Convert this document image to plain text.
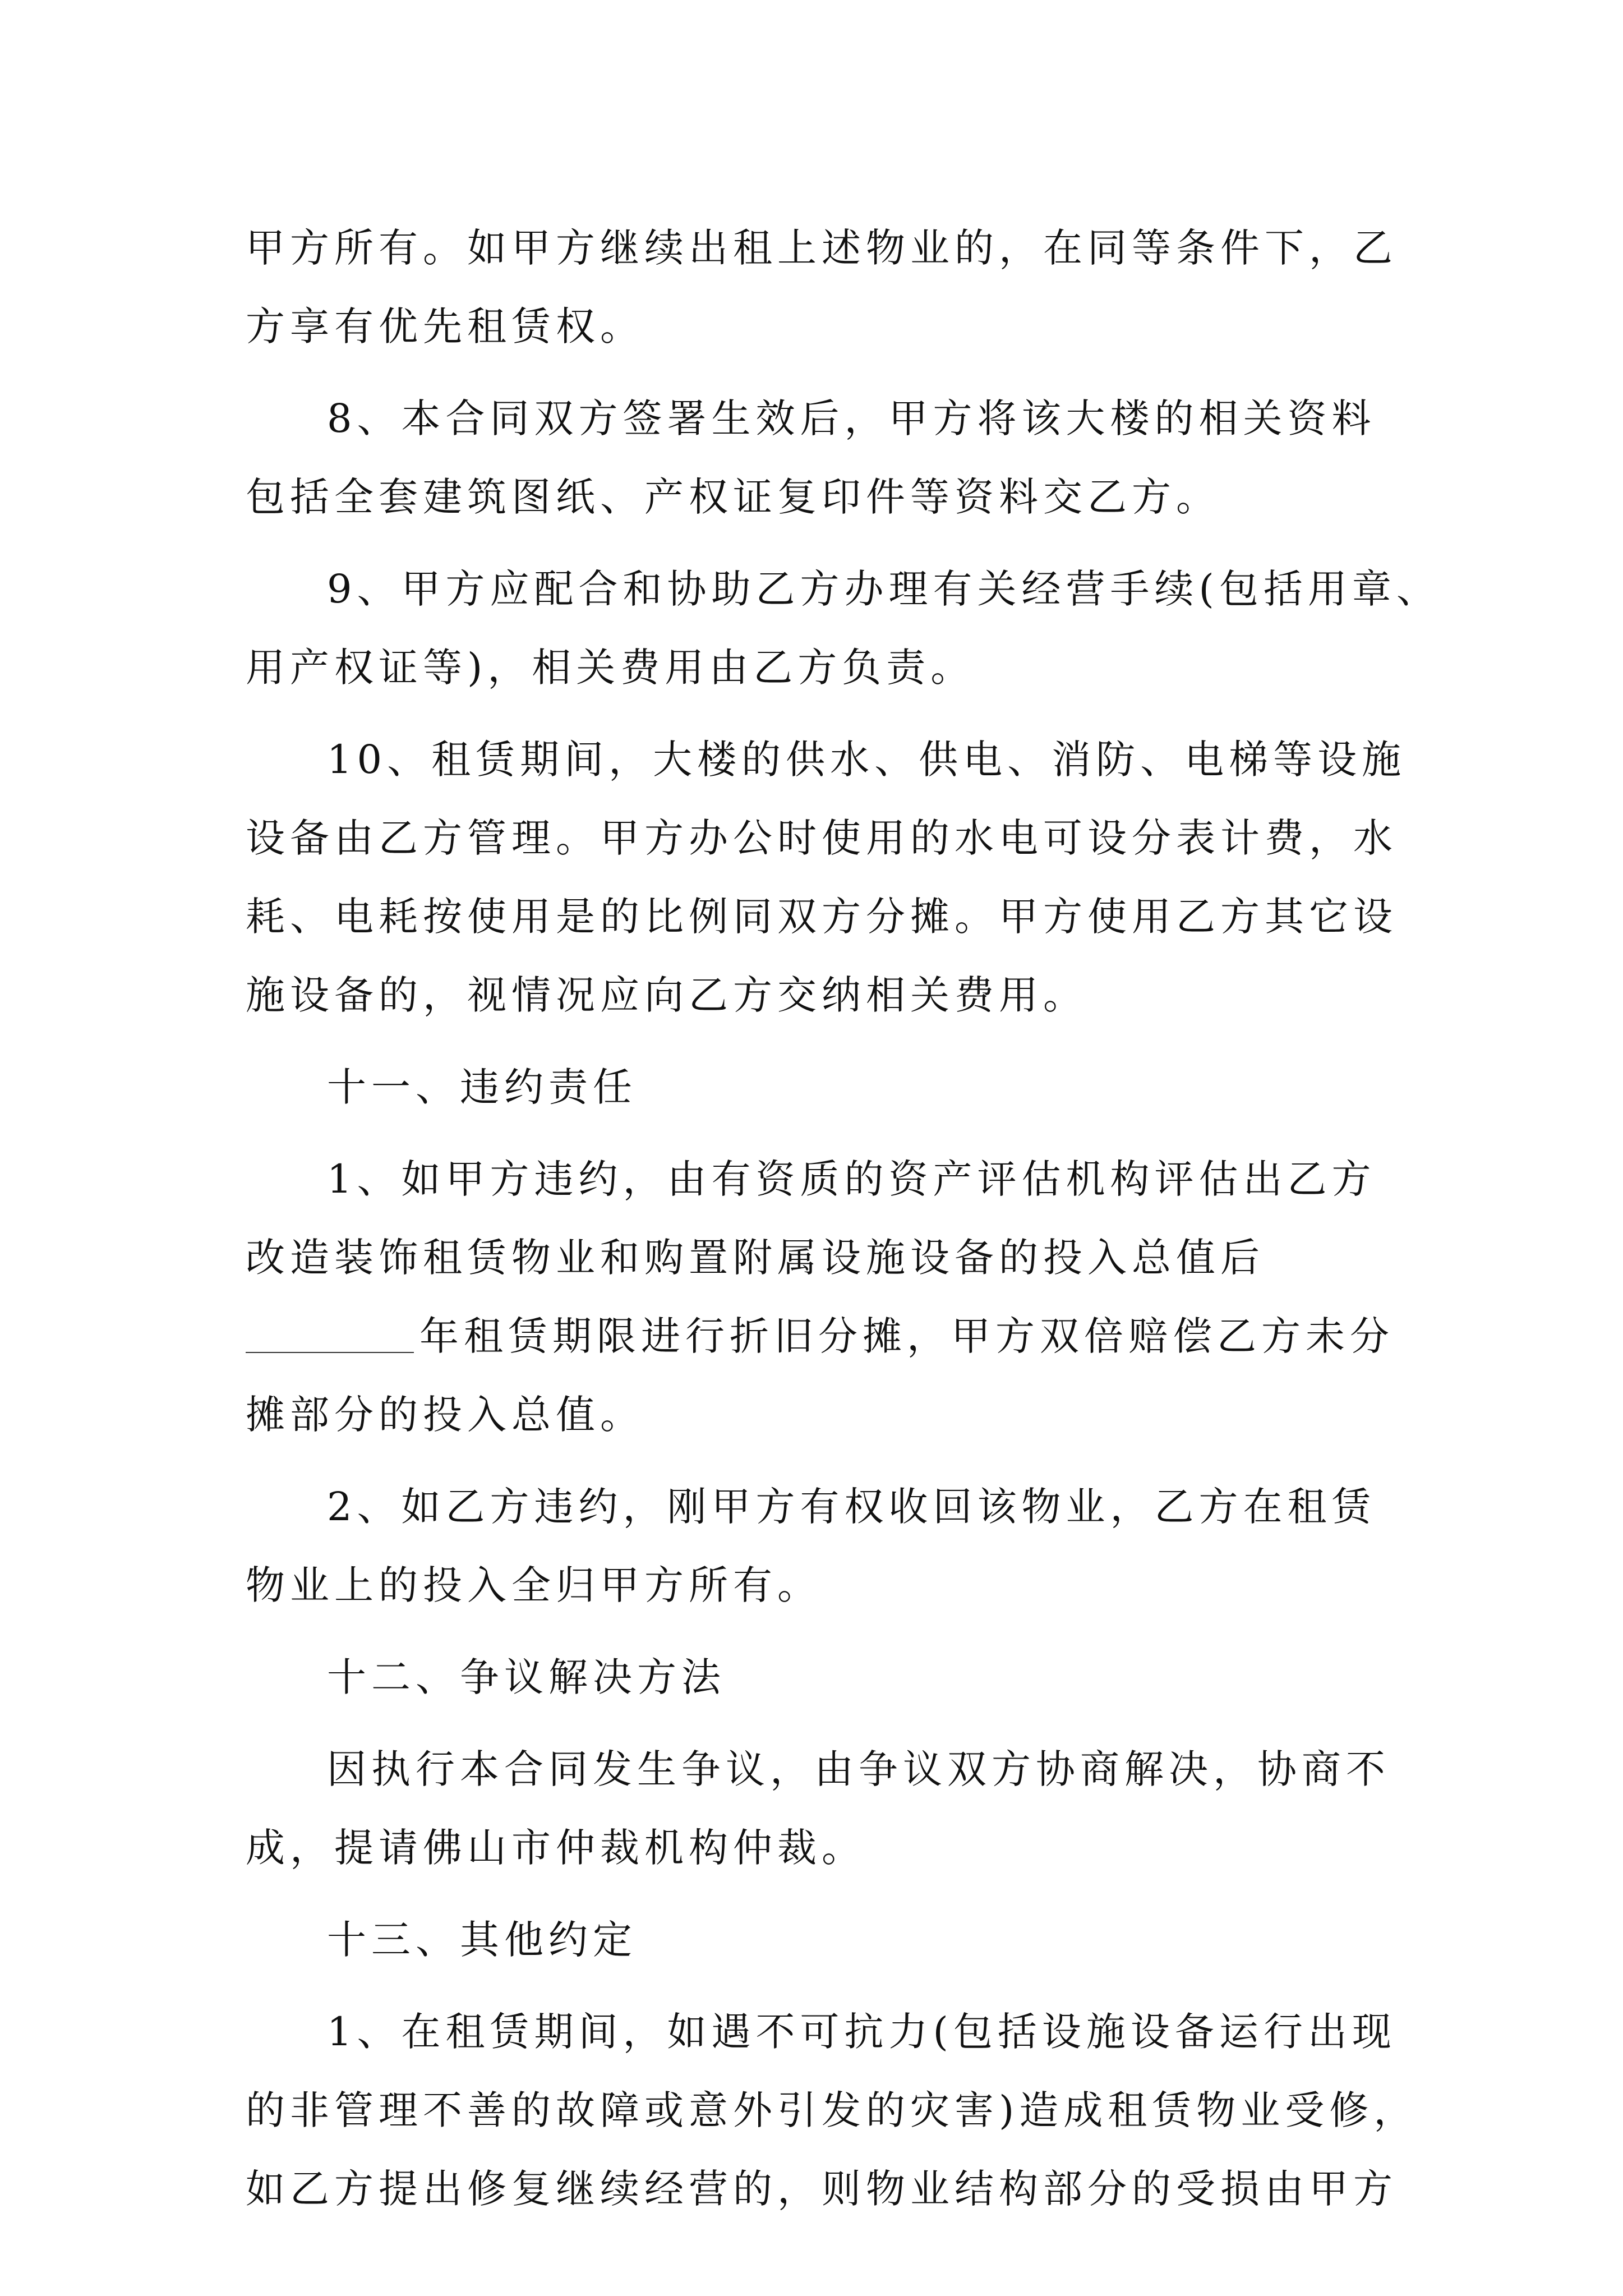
甲方所有。如甲方继续出租上述物业的，在同等条件下，乙
方享有优先租赁权。
8、本合同双方签署生效后，甲方将该大楼的相关资料
包括全套建筑图纸、产权证复印件等资料交乙方。
9、甲方应配合和协助乙方办理有关经营手续(包括用章、
用产权证等)，相关费用由乙方负责。
10、租赁期间，大楼的供水、供电、消防、电梯等设施
设备由乙方管理。甲方办公时使用的水电可设分表计费，水
耗、电耗按使用是的比例同双方分摊。甲方使用乙方其它设
施设备的，视情况应向乙方交纳相关费用。
十一、违约责任
1、如甲方违约，由有资质的资产评估机构评估出乙方
改造装饰租赁物业和购置附属设施设备的投入总值后
年租赁期限进行折旧分摊，甲方双倍赔偿乙方未分
摊部分的投入总值。
2、如乙方违约，刚甲方有权收回该物业，乙方在租赁
物业上的投入全归甲方所有。
十二、争议解决方法
因执行本合同发生争议，由争议双方协商解决，协商不
成，提请佛山市仲裁机构仲裁。
十三、其他约定
1、在租赁期间，如遇不可抗力(包括设施设备运行出现
的非管理不善的故障或意外引发的灾害)造成租赁物业受修，
如乙方提出修复继续经营的，则物业结构部分的受损由甲方
